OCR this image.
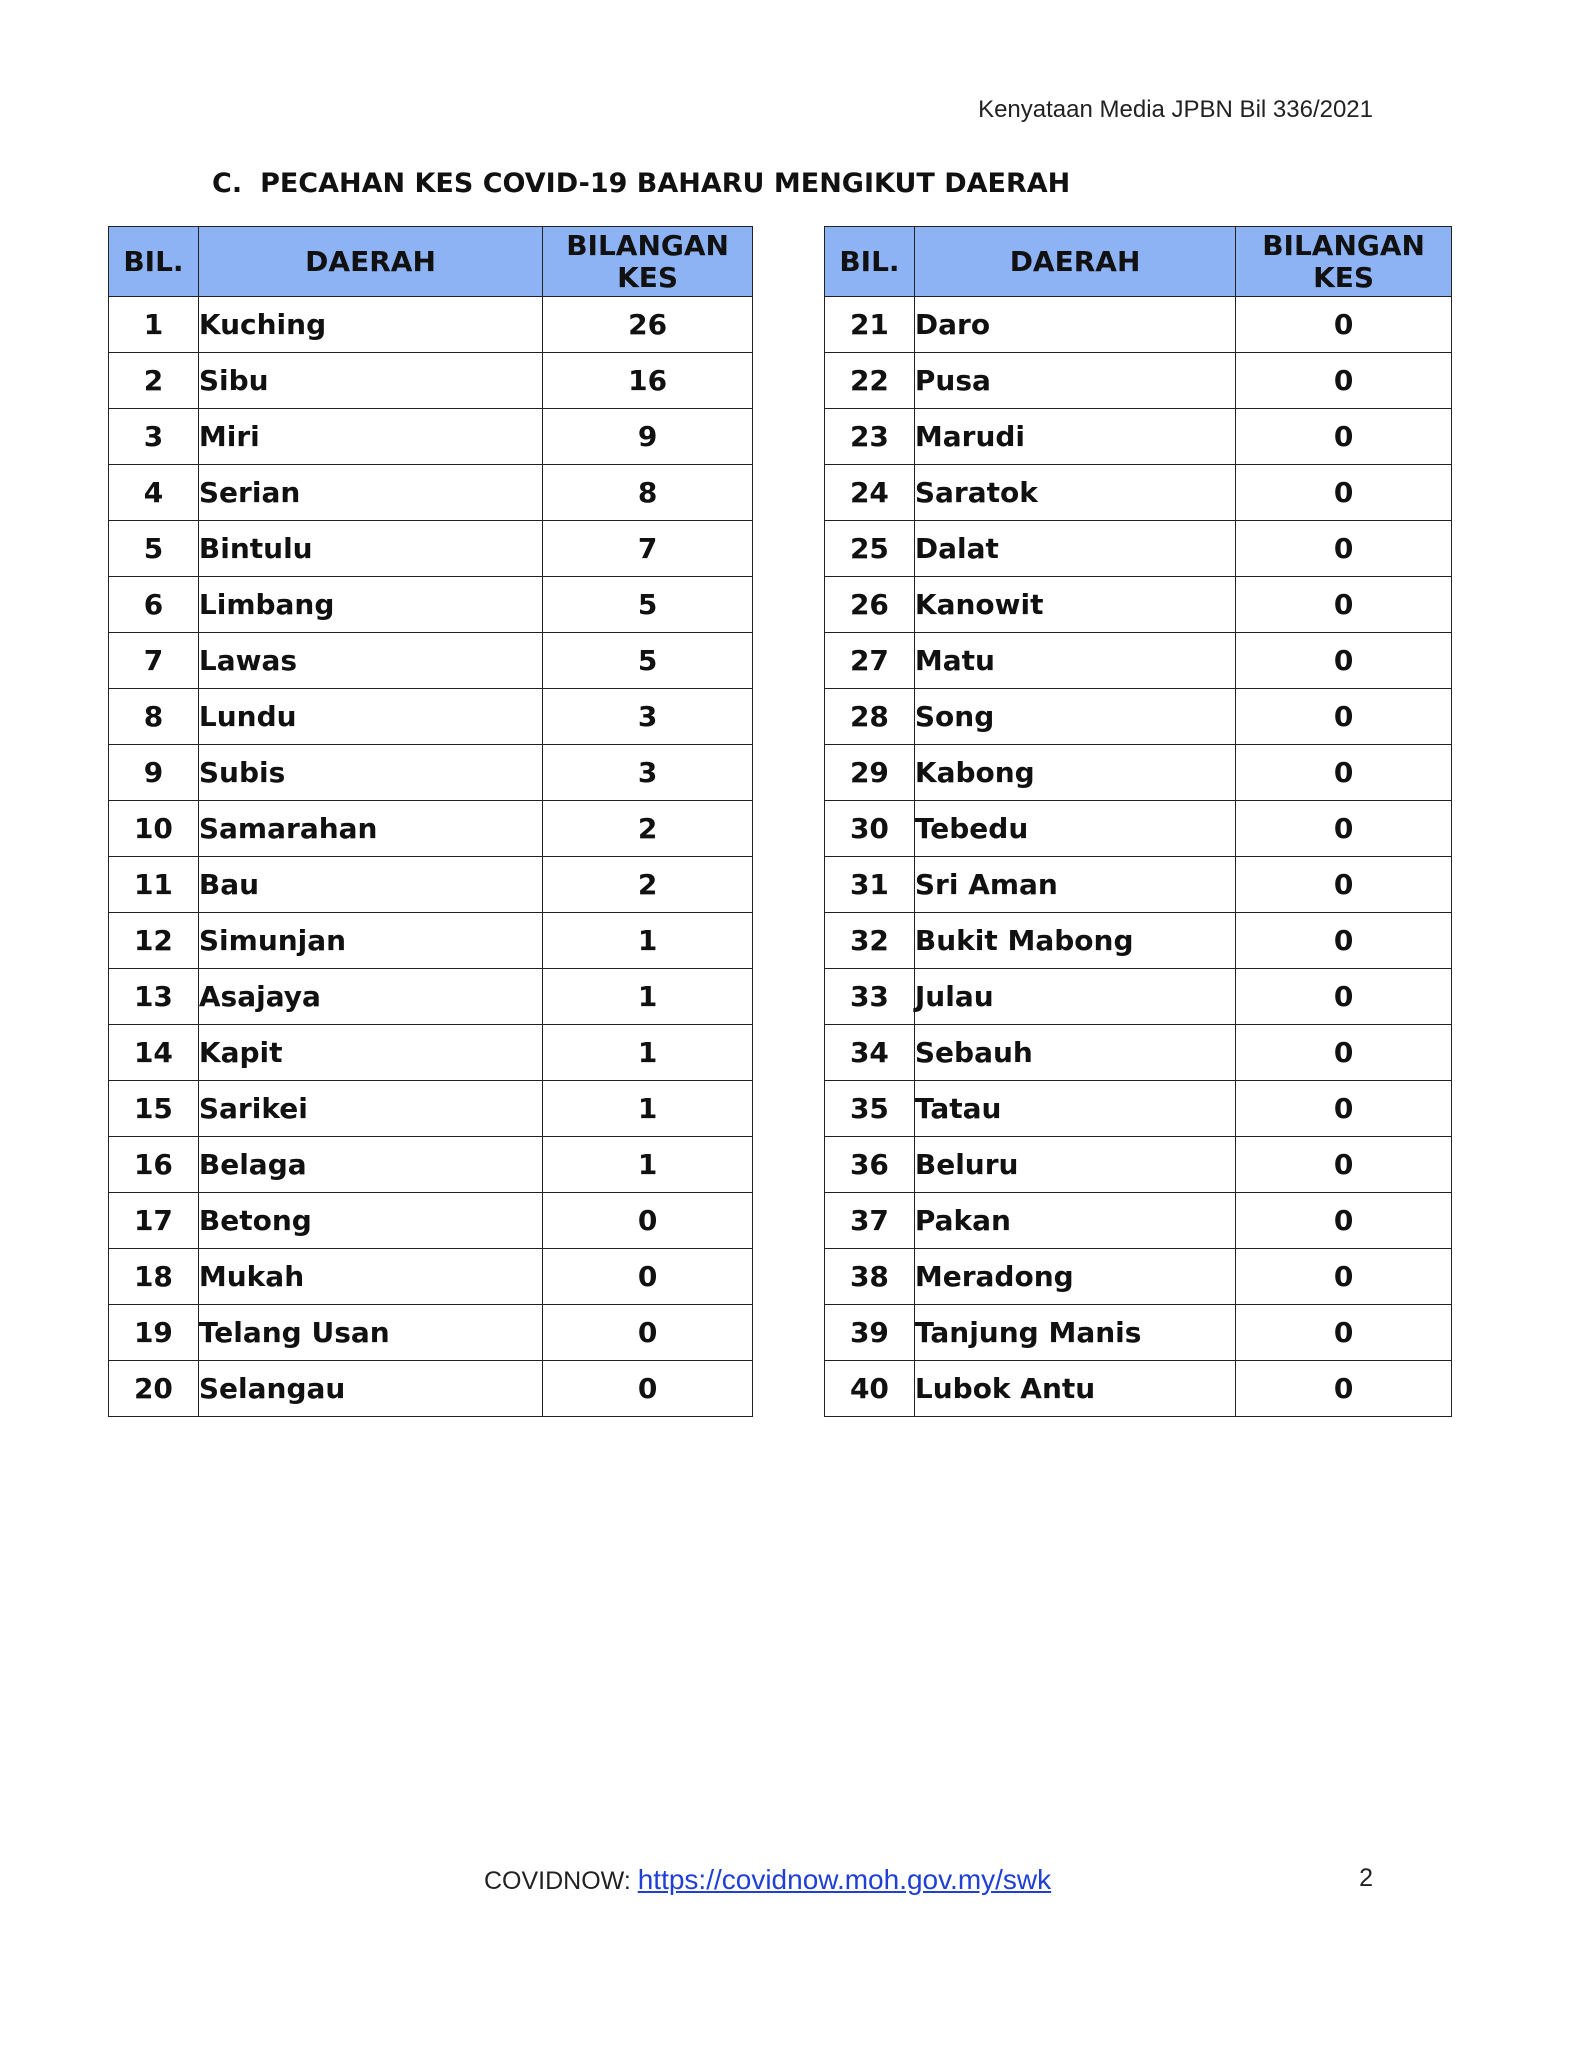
Kenyataan Media JPBN Bil 336/2021
C. PECAHAN KES COVID-19 BAHARU MENGIKUT DAERAH
BIL.	DAERAH	BILANGAN
KES

1	Kuching	26
2	Sibu	16
3	Miri	9
4	Serian	8
5	Bintulu	7
6	Limbang	5
7	Lawas	5
8	Lundu	3
9	Subis	3
10	Samarahan	2
11	Bau	2
12	Simunjan	1
13	Asajaya	1
14	Kapit	1
15	Sarikei	1
16	Belaga	1
17	Betong	0
18	Mukah	0
19	Telang Usan	0
20	Selangau	0
BIL.	DAERAH	BILANGAN
KES

21	Daro	0
22	Pusa	0
23	Marudi	0
24	Saratok	0
25	Dalat	0
26	Kanowit	0
27	Matu	0
28	Song	0
29	Kabong	0
30	Tebedu	0
31	Sri Aman	0
32	Bukit Mabong	0
33	Julau	0
34	Sebauh	0
35	Tatau	0
36	Beluru	0
37	Pakan	0
38	Meradong	0
39	Tanjung Manis	0
40	Lubok Antu	0
COVIDNOW: https://covidnow.moh.gov.my/swk	2
